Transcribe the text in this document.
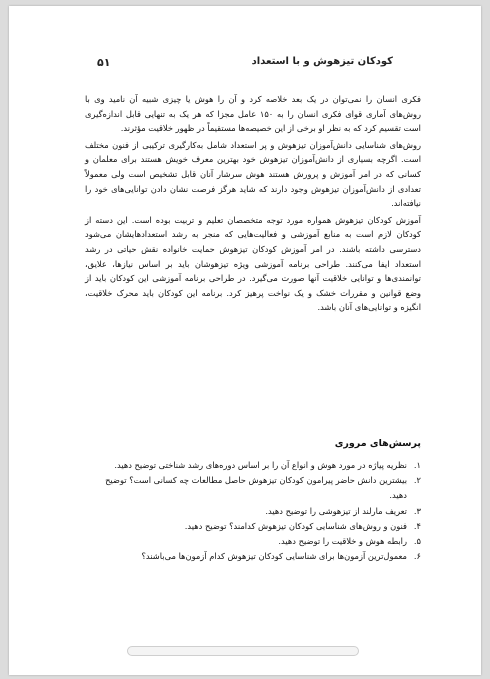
کودکان تیزهوش و با استعداد
۵۱

فکری انسان را نمی‌توان در یک بعد خلاصه کرد و آن را هوش یا چیزی شبیه آن نامید وی با روش‌های آماری قوای فکری انسان را به ۱۵۰ عامل مجزا که هر یک به تنهایی قابل اندازه‌گیری است تقسیم کرد که به نظر او برخی از این خصیصه‌ها مستقیماً در ظهور خلاقیت مؤثرند.

روش‌های شناسایی دانش‌آموزان تیزهوش و پر استعداد شامل به‌کارگیری ترکیبی از فنون مختلف است. اگرچه بسیاری از دانش‌آموزان تیزهوش خود بهترین معرف خویش هستند برای معلمان و کسانی که در امر آموزش و پرورش هستند هوش سرشار آنان قابل تشخیص است ولی معمولاً تعدادی از دانش‌آموزان تیزهوش وجود دارند که شاید هرگز فرصت نشان دادن توانایی‌های خود را نیافته‌اند.

آموزش کودکان تیزهوش همواره مورد توجه متخصصان تعلیم و تربیت بوده است. این دسته از کودکان لازم است به منابع آموزشی و فعالیت‌هایی که منجر به رشد استعدادهایشان می‌شود دسترسی داشته باشند. در امر آموزش کودکان تیزهوش حمایت خانواده نقش حیاتی در رشد استعداد ایفا می‌کنند. طراحی برنامه آموزشی ویژه تیزهوشان باید بر اساس نیازها، علایق، توانمندی‌ها و توانایی خلاقیت آنها صورت می‌گیرد. در طراحی برنامه آموزشی این کودکان باید از وضع قوانین و مقررات خشک و یک نواخت پرهیز کرد. برنامه این کودکان باید محرک خلاقیت، انگیزه و توانایی‌های آنان باشد.

پرسش‌های مروری
۱.
نظریه پیاژه در مورد هوش و انواع آن را بر اساس دوره‌های رشد شناختی توضیح دهید.
۲.
بیشترین دانش حاضر پیرامون کودکان تیزهوش حاصل مطالعات چه کسانی است؟ توضیح دهید.
۳.
تعریف مارلند از تیزهوشی را توضیح دهید.
۴.
فنون و روش‌های شناسایی کودکان تیزهوش کدامند؟ توضیح دهید.
۵.
رابطه هوش و خلاقیت را توضیح دهید.
۶.
معمول‌ترین آزمون‌ها برای شناسایی کودکان تیزهوش کدام آزمون‌ها می‌باشند؟
